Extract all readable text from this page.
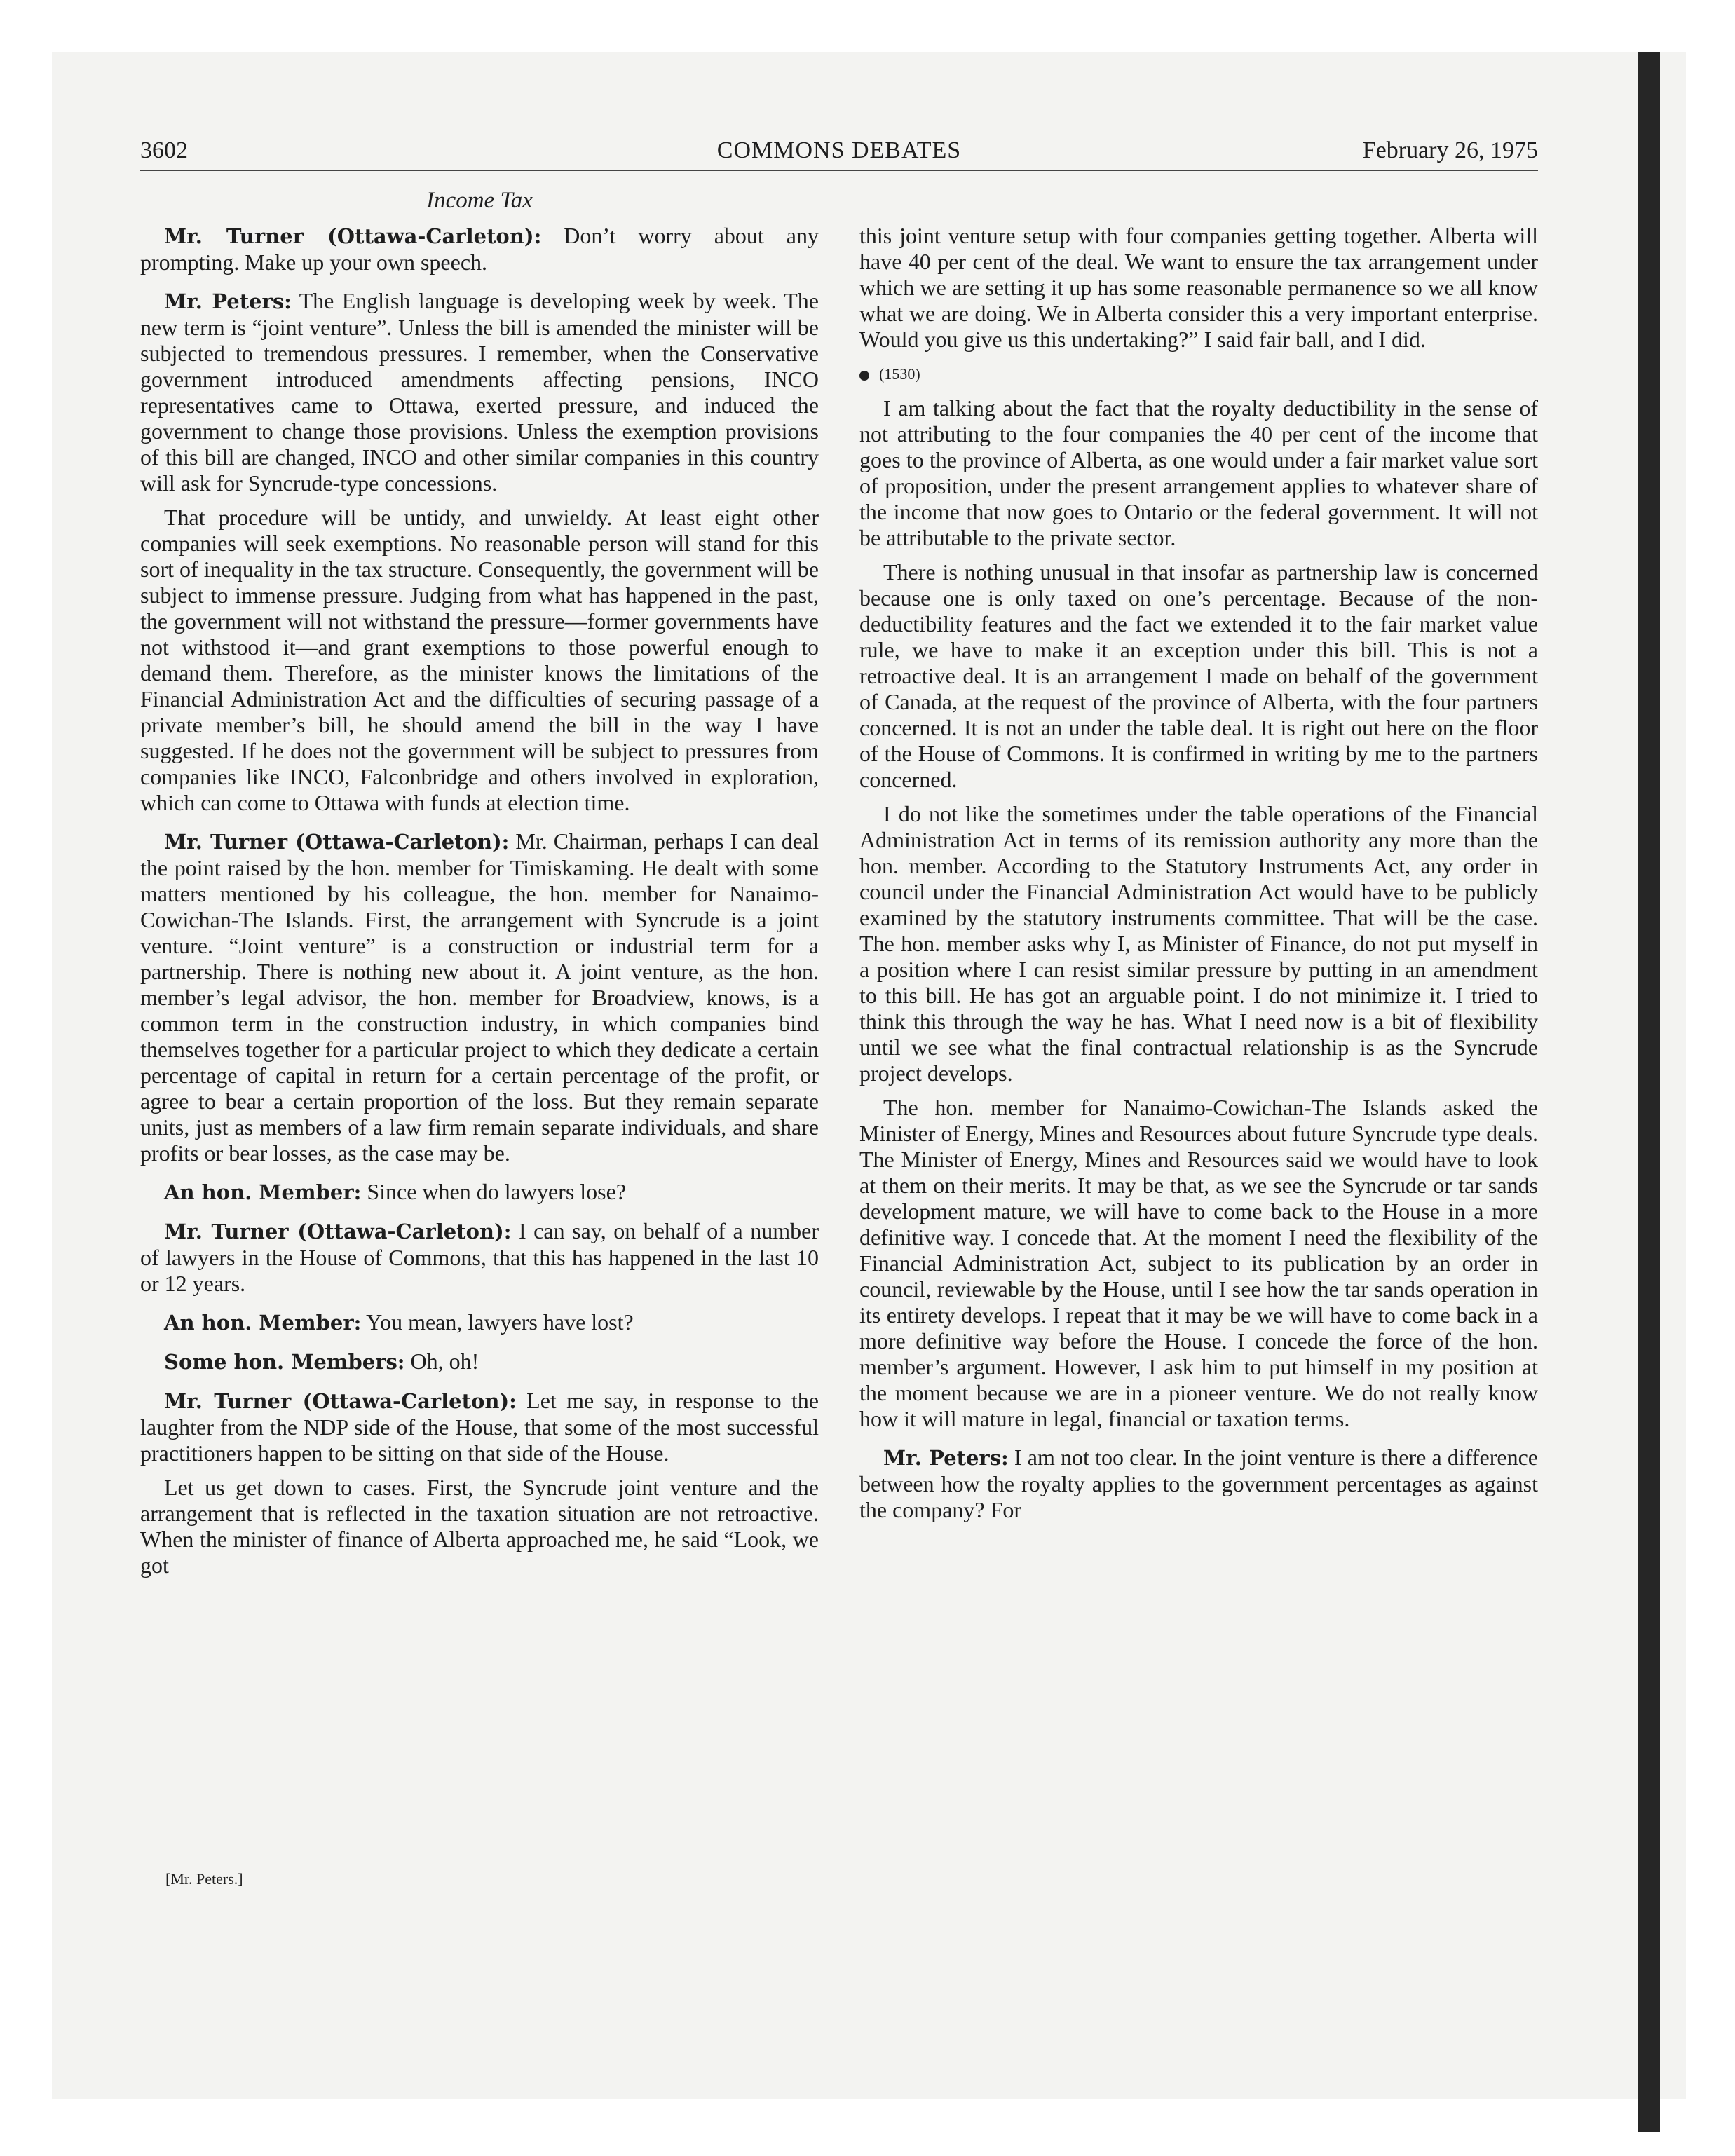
COMMONS DEBATES
3602	February 26, 1975
Income Tax

Mr. Turner (Ottawa-Carleton): Don’t worry about any prompting. Make up your own speech.

Mr. Peters: The English language is developing week by week. The new term is “joint venture”. Unless the bill is amended the minister will be subjected to tremendous pressures. I remember, when the Conservative government introduced amendments affecting pensions, INCO representatives came to Ottawa, exerted pressure, and induced the government to change those provisions. Unless the exemption provisions of this bill are changed, INCO and other similar companies in this country will ask for Syncrude-type concessions.

That procedure will be untidy, and unwieldy. At least eight other companies will seek exemptions. No reasonable person will stand for this sort of inequality in the tax structure. Consequently, the government will be subject to immense pressure. Judging from what has happened in the past, the government will not withstand the pressure—former governments have not withstood it—and grant exemptions to those powerful enough to demand them. Therefore, as the minister knows the limitations of the Financial Administration Act and the difficulties of securing passage of a private member’s bill, he should amend the bill in the way I have suggested. If he does not the government will be subject to pressures from companies like INCO, Falconbridge and others involved in exploration, which can come to Ottawa with funds at election time.

Mr. Turner (Ottawa-Carleton): Mr. Chairman, perhaps I can deal the point raised by the hon. member for Timiskaming. He dealt with some matters mentioned by his colleague, the hon. member for Nanaimo-Cowichan-The Islands. First, the arrangement with Syncrude is a joint venture. “Joint venture” is a construction or industrial term for a partnership. There is nothing new about it. A joint venture, as the hon. member’s legal advisor, the hon. member for Broadview, knows, is a common term in the construction industry, in which companies bind themselves together for a particular project to which they dedicate a certain percentage of capital in return for a certain percentage of the profit, or agree to bear a certain proportion of the loss. But they remain separate units, just as members of a law firm remain separate individuals, and share profits or bear losses, as the case may be.

An hon. Member: Since when do lawyers lose?

Mr. Turner (Ottawa-Carleton): I can say, on behalf of a number of lawyers in the House of Commons, that this has happened in the last 10 or 12 years.

An hon. Member: You mean, lawyers have lost?

Some hon. Members: Oh, oh!

Mr. Turner (Ottawa-Carleton): Let me say, in response to the laughter from the NDP side of the House, that some of the most successful practitioners happen to be sitting on that side of the House.

Let us get down to cases. First, the Syncrude joint venture and the arrangement that is reflected in the taxation situation are not retroactive. When the minister of finance of Alberta approached me, he said “Look, we got

[Mr. Peters.]

this joint venture setup with four companies getting together. Alberta will have 40 per cent of the deal. We want to ensure the tax arrangement under which we are setting it up has some reasonable permanence so we all know what we are doing. We in Alberta consider this a very important enterprise. Would you give us this undertaking?” I said fair ball, and I did.

(1530)

I am talking about the fact that the royalty deductibility in the sense of not attributing to the four companies the 40 per cent of the income that goes to the province of Alberta, as one would under a fair market value sort of proposition, under the present arrangement applies to whatever share of the income that now goes to Ontario or the federal government. It will not be attributable to the private sector.

There is nothing unusual in that insofar as partnership law is concerned because one is only taxed on one’s percentage. Because of the non-deductibility features and the fact we extended it to the fair market value rule, we have to make it an exception under this bill. This is not a retroactive deal. It is an arrangement I made on behalf of the government of Canada, at the request of the province of Alberta, with the four partners concerned. It is not an under the table deal. It is right out here on the floor of the House of Commons. It is confirmed in writing by me to the partners concerned.

I do not like the sometimes under the table operations of the Financial Administration Act in terms of its remission authority any more than the hon. member. According to the Statutory Instruments Act, any order in council under the Financial Administration Act would have to be publicly examined by the statutory instruments committee. That will be the case. The hon. member asks why I, as Minister of Finance, do not put myself in a position where I can resist similar pressure by putting in an amendment to this bill. He has got an arguable point. I do not minimize it. I tried to think this through the way he has. What I need now is a bit of flexibility until we see what the final contractual relationship is as the Syncrude project develops.

The hon. member for Nanaimo-Cowichan-The Islands asked the Minister of Energy, Mines and Resources about future Syncrude type deals. The Minister of Energy, Mines and Resources said we would have to look at them on their merits. It may be that, as we see the Syncrude or tar sands development mature, we will have to come back to the House in a more definitive way. I concede that. At the moment I need the flexibility of the Financial Administration Act, subject to its publication by an order in council, reviewable by the House, until I see how the tar sands operation in its entirety develops. I repeat that it may be we will have to come back in a more definitive way before the House. I concede the force of the hon. member’s argument. However, I ask him to put himself in my position at the moment because we are in a pioneer venture. We do not really know how it will mature in legal, financial or taxation terms.

Mr. Peters: I am not too clear. In the joint venture is there a difference between how the royalty applies to the government percentages as against the company? For
